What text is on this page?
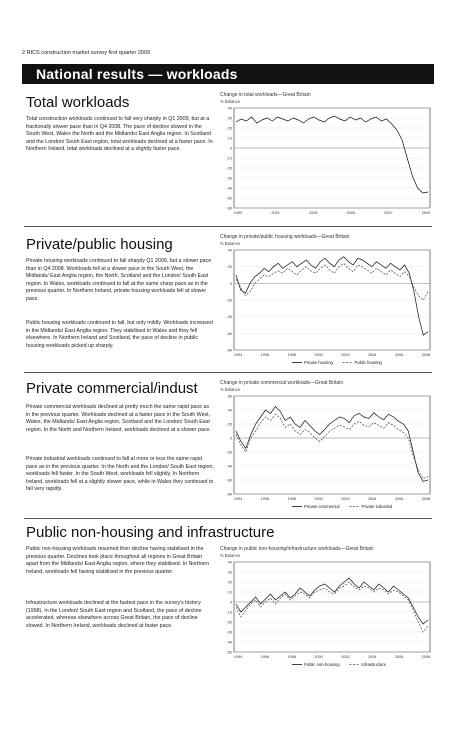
2 RICS construction market survey first quarter 2009
National results — workloads
Total workloads
Total construction workloads continued to fall very sharply in Q1 2009, but at a fractionally slower pace than in Q4 2008. The pace of decline slowed in the South West, Wales the North and the Midlands/ East Anglia region. In Scotland and the London/ South East region, total workloads declined at a faster pace. In Northern Ireland, total workloads declined at a slightly faster pace.
Change in total workloads—Great Britain
% Balance
40
30
20
10
0
-10
-20
-30
-40
-50
-60
1999	2001	2003	2005	2007	2009
Private/public housing
Private housing workloads continued to fall sharply Q1 2009, but a slower pace than in Q4 2008. Workloads fell at a slower pace in the South West, the Midlands/ East Anglia region, the North, Scotland and the London/ South East region. In Wales, workloads continued to fall at the same sharp pace as in the previous quarter. In Northern Ireland, private housing workloads fell at slower pace.
Public housing workloads continued to fall, but only mildly. Workloads increased in the Midlands/ East Anglia region. They stabilised in Wales and they fell elsewhere. In Northern Ireland and Scotland, the pace of decline in public housing workloads picked up sharply.
Change in private/public housing workloads—Great Britain
% Balance
40
20
0
-20
-40
-60
-80
1994	1996	1998	2000	2002	2004	2006	2008
Private housing	Public housing
Private commercial/indust
Private commercial workloads declined at pretty much the same rapid pace as in the previous quarter. Workloads declined at a faster pace in the South West, Wales, the Midlands/ East Anglia region, Scotland and the London/ South East region. In the North and Northern Ireland, workloads declined at a slower pace.
Private industrial workloads continued to fall at more or less the same rapid pace as in the previous quarter. In the North and the London/ South East region, workloads fell faster. In the South West, workloads fell slightly. In Northern Ireland, workloads fell at a slightly slower pace, while in Wales they continued to fall very rapidly.
Change in private commercial workloads—Great Britain
% Balance
60
40
20
0
-20
-40
-60
-80
1994	1996	1998	2000	2002	2004	2006	2008
Private commercial	Private industrial
Public non-housing and infrastructure
Public non-housing workloads resumed their decline having stabilised in the previous quarter. Declines took place throughout all regions in Great Britain apart from the Midlands/ East Anglia region, where they stabilised. In Northern Ireland, workloads fell having stabilised in the previous quarter.
Infrastructure workloads declined at the fastest pace in the survey's history (1998). In the London/ South East region and Scotland, the pace of decline accelerated, whereas elsewhere across Great Britain, the pace of decline slowed. In Northern Ireland, workloads declined at faster pace.
Change in public non-housing/infrastructure workloads—Great Britain
% Balance
40
30
20
10
0
-10
-20
-30
-40
-50
1994	1996	1998	2000	2002	2004	2006	2008
Public non-housing	Infrastructure
